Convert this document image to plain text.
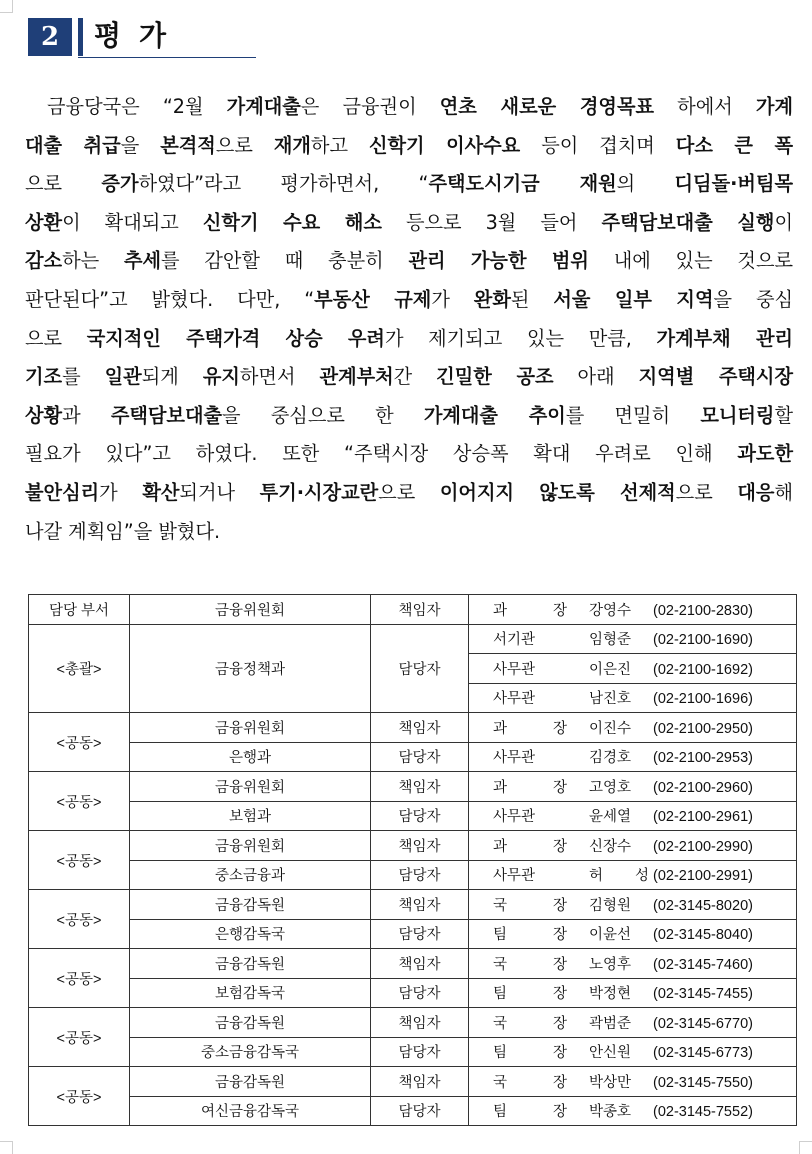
2	평가
금융당국은 “2월 가계대출은 금융권이 연초 새로운 경영목표 하에서 가계
대출 취급을 본격적으로 재개하고 신학기 이사수요 등이 겹치며 다소 큰 폭
으로 증가하였다”라고 평가하면서, “주택도시기금 재원의 디딤돌·버팀목
상환이 확대되고 신학기 수요 해소 등으로 3월 들어 주택담보대출 실행이
감소하는 추세를 감안할 때 충분히 관리 가능한 범위 내에 있는 것으로
판단된다”고 밝혔다. 다만, “부동산 규제가 완화된 서울 일부 지역을 중심
으로 국지적인 주택가격 상승 우려가 제기되고 있는 만큼, 가계부채 관리
기조를 일관되게 유지하면서 관계부처간 긴밀한 공조 아래 지역별 주택시장
상황과 주택담보대출을 중심으로 한 가계대출 추이를 면밀히 모니터링할
필요가 있다”고 하였다. 또한 “주택시장 상승폭 확대 우려로 인해 과도한
불안심리가 확산되거나 투기·시장교란으로 이어지지 않도록 선제적으로 대응해
나갈 계획임”을 밝혔다.
담당 부서	금융위원회	책임자	과 장 강영수 (02-2100-2830)
<총괄>	금융정책과	담당자	서기관 임형준 (02-2100-1690)
			사무관 이은진 (02-2100-1692)
			사무관 남진호 (02-2100-1696)
<공동>	금융위원회	책임자	과 장 이진수 (02-2100-2950)
	은행과	담당자	사무관 김경호 (02-2100-2953)
<공동>	금융위원회	책임자	과 장 고영호 (02-2100-2960)
	보험과	담당자	사무관 윤세열 (02-2100-2961)
<공동>	금융위원회	책임자	과 장 신장수 (02-2100-2990)
	중소금융과	담당자	사무관 허 성 (02-2100-2991)
<공동>	금융감독원	책임자	국 장 김형원 (02-3145-8020)
	은행감독국	담당자	팀 장 이윤선 (02-3145-8040)
<공동>	금융감독원	책임자	국 장 노영후 (02-3145-7460)
	보험감독국	담당자	팀 장 박정현 (02-3145-7455)
<공동>	금융감독원	책임자	국 장 곽범준 (02-3145-6770)
	중소금융감독국	담당자	팀 장 안신원 (02-3145-6773)
<공동>	금융감독원	책임자	국 장 박상만 (02-3145-7550)
	여신금융감독국	담당자	팀 장 박종호 (02-3145-7552)
